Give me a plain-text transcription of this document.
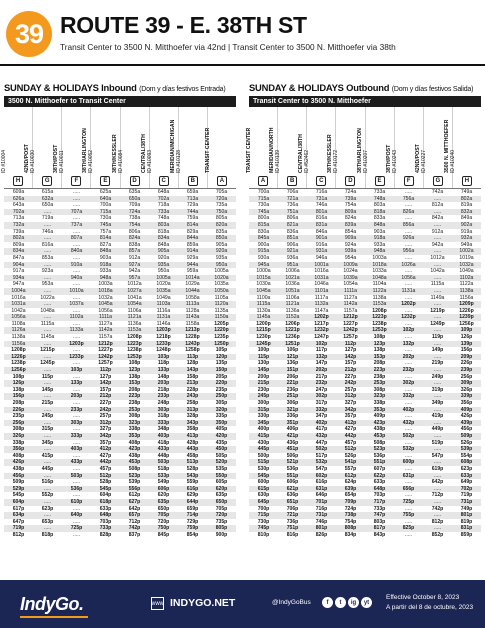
39 ROUTE 39 - E. 38TH ST
Transit Center to 3500 N. Mitthoefer via 42nd | Transit Center to 3500 N. Mitthoefer via 38th
SUNDAY & HOLIDAYS Inbound (Dom y días festivos Entrada)
3500 N. Mitthoefer to Transit Center
ID #10004
H
42ND/POST ID #10030
G
38TH/POST ID #10011
F
38TH/ARLINGTON ID #10052
E
38TH/KESSLER ID #10084
D
CENTRAL/38TH ID #10093
C
MERIDIAN/MICHIGAN ID #10128
B
TRANSIT CENTER
A
609a	615a	.....	625a	635a	648a	659a	705a
626a	632a	.....	640a	650a	702a	713a	720a
643a	650a	.....	700a	709a	718a	729a	735a
702a	.....	707a	715a	724a	733a	744a	750a
713a	719a	.....	730a	738a	748a	759a	805a
732a	.....	737a	745a	754a	803a	814a	820a
739a	746a	.....	757a	806a	818a	829a	835a
802a	.....	807a	814a	824a	834a	844a	850a
809a	816a	.....	827a	838a	848a	859a	905a
834a	.....	840a	848a	857a	905a	914a	920a
847a	853a	.....	903a	912a	920a	929a	935a
904a	.....	910a	918a	927a	935a	944a	950a
917a	923a	.....	933a	942a	950a	959a	1005a
934a	.....	940a	948a	957a	1005a	1014a	1020a
947a	953a	.....	1003a	1012a	1020a	1029a	1035a
1004a	.....	1010a	1018a	1027a	1035a	1044a	1050a
1016a	1022a	.....	1032a	1041a	1049a	1058a	1105a
1031a	.....	1037a	1045a	1054a	1103a	1113a	1120a
1042a	1048a	.....	1056a	1106a	1116a	1128a	1135a
1056a	.....	1102a	1111a	1121a	1131a	1143a	1150a
1108a	1115a	.....	1127a	1136a	1146a	1158a	1205p
1126a	.....	1133a	1142a	1153a	1203p	1213p	1220p
1138a	1145a	.....	1157a	1208p	1218p	1228p	1235p
1156a	.....	1203p	1212p	1223p	1233p	1243p	1250p
1208p	1215p	.....	1227p	1238p	1248p	1258p	105p
1226p	.....	1233p	1242p	1253p	103p	113p	120p
1238p	1245p	.....	1257p	108p	118p	128p	135p
1256p	.....	103p	112p	123p	133p	143p	150p
108p	115p	.....	127p	138p	148p	158p	205p
126p	.....	133p	142p	153p	203p	213p	220p
138p	145p	.....	157p	208p	218p	228p	235p
156p	.....	203p	212p	223p	233p	243p	250p
208p	215p	.....	227p	238p	248p	258p	305p
226p	.....	233p	242p	253p	303p	313p	320p
235p	245p	.....	257p	308p	318p	328p	335p
256p	.....	303p	312p	323p	333p	343p	350p
308p	315p	.....	327p	338p	348p	358p	405p
326p	.....	333p	342p	353p	403p	413p	420p
338p	345p	.....	357p	408p	418p	428p	435p
356p	.....	403p	412p	423p	433p	443p	450p
408p	415p	.....	427p	438p	448p	458p	505p
426p	.....	433p	442p	453p	503p	513p	520p
438p	445p	.....	457p	508p	518p	528p	535p
456p	.....	503p	512p	523p	533p	543p	550p
509p	516p	.....	528p	539p	549p	559p	605p
529p	.....	536p	545p	556p	606p	616p	620p
545p	552p	.....	604p	612p	620p	629p	635p
604p	.....	610p	618p	627p	635p	644p	650p
617p	623p	.....	633p	642p	650p	659p	705p
634p	.....	640p	648p	657p	705p	714p	720p
647p	653p	.....	703p	712p	720p	729p	735p
719p	.....	725p	733p	742p	750p	759p	805p
812p	818p	.....	828p	837p	845p	854p	900p
SUNDAY & HOLIDAYS Outbound (Dom y días festivos Salida)
Transit Center to 3500 N. Mitthoefer
TRANSIT CENTER
A
MERIDIAN/NORTH ID #10139
B
CENTRAL/38TH ID #52462
C
38TH/KESSLER ID #10172
D
38TH/ARLINGTON ID #10207
E
38TH/POST ID #10243
F
42ND/POST ID #10227
G
3500 N. MITTHOEFER ID #10240
H
700a	706a	716a	724a	733a	.....	742a	749a
715a	721a	731a	739a	748a	756a	.....	802a
730a	736a	746a	754a	803a	.....	812a	819a
745a	751a	801a	809a	818a	826a	.....	832a
800a	806a	816a	824a	833a	.....	842a	849a
815a	821a	831a	839a	848a	856a	.....	902a
830a	836a	846a	854a	903a	.....	912a	919a
845a	851a	901a	909a	918a	926a	.....	932a
900a	906a	916a	924a	933a	.....	942a	949a
915a	921a	931a	939a	948a	956a	.....	1002a
930a	936a	946a	954a	1003a	.....	1012a	1019a
945a	951a	1001a	1009a	1018a	1026a	.....	1032a
1000a	1006a	1016a	1024a	1033a	.....	1042a	1049a
1015a	1021a	1031a	1039a	1048a	1056a	.....	1102a
1030a	1036a	1046a	1054a	1104a	.....	1115a	1122a
1045a	1051a	1101a	1111a	1122a	1131a	.....	1138a
1100a	1106a	1117a	1127a	1138a	.....	1149a	1156a
1115a	1121a	1132a	1142a	1153a	1202p	.....	1209p
1130a	1136a	1147a	1157a	1208p	.....	1219p	1226p
1145a	1152a	1202p	1212p	1223p	1232p	.....	1239p
1200p	1206p	1217p	1227p	1238p	.....	1249p	1256p
1215p	1221p	1232p	1242p	1253p	102p	.....	109p
1230p	1236p	1247p	1257p	108p	.....	119p	126p
1245p	1251p	102p	112p	123p	132p	.....	139p
100p	106p	117p	127p	138p	.....	149p	156p
115p	121p	132p	142p	153p	202p	.....	209p
130p	136p	147p	157p	208p	.....	219p	226p
145p	151p	202p	212p	223p	232p	.....	239p
200p	206p	217p	227p	238p	.....	249p	256p
215p	221p	232p	242p	253p	302p	.....	309p
230p	236p	247p	257p	308p	.....	319p	326p
245p	251p	302p	312p	323p	332p	.....	339p
300p	306p	317p	327p	338p	.....	349p	356p
315p	321p	332p	342p	353p	402p	.....	409p
330p	336p	347p	357p	409p	.....	419p	426p
345p	351p	402p	412p	423p	432p	.....	439p
400p	406p	417p	427p	438p	.....	449p	456p
415p	421p	432p	442p	453p	502p	.....	509p
430p	436p	447p	457p	508p	.....	519p	526p
445p	451p	502p	512p	523p	532p	.....	539p
500p	506p	517p	526p	536p	.....	547p	554p
515p	521p	532p	541p	551p	600p	.....	608p
530p	536p	547p	557p	607p	.....	619p	623p
545p	551p	602p	612p	622p	631p	.....	633p
600p	606p	616p	624p	633p	.....	642p	649p
615p	621p	631p	639p	648p	656p	.....	702p
630p	636p	646p	654p	703p	.....	712p	719p
645p	651p	701p	709p	717p	725p	.....	731p
700p	706p	716p	724p	733p	.....	742p	749p
715p	721p	731p	738p	747p	755p	.....	801p
730p	736p	746p	754p	803p	.....	812p	819p
745p	751p	801p	808p	817p	825p	.....	831p
810p	816p	826p	834p	843p	.....	852p	859p
IndyGo.	www INDYGO.NET	@IndyGoBus	f	t	ig	yt
Effective October 8, 2023
A partir del 8 de octubre, 2023
